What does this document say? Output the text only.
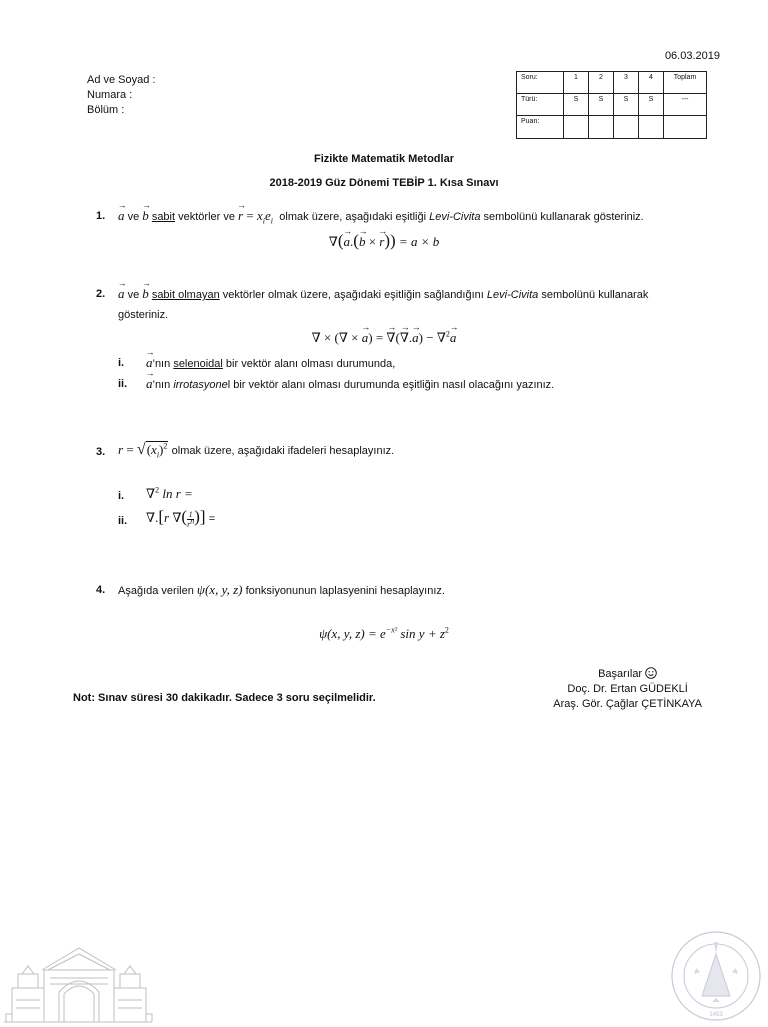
06.03.2019
Ad ve Soyad :
Numara :
Bölüm :
Soru:	1	2	3	4	Toplam
Türü:	S	S	S	S	---
Puan:					
Fizikte Matematik Metodlar
2018-2019 Güz Dönemi TEBİP 1. Kısa Sınavı
1. → a ve → b sabit vektörler ve → $r = x_ie_i$ olmak üzere, aşağıdaki eşitliği Levi-Civita sembolünü kullanarak gösteriniz.
∇(→ a.(→ b × → r)) = a × b
2. → a ve → b sabit olmayan vektörler olmak üzere, aşağıdaki eşitliğin sağlandığını Levi-Civita sembolünü kullanarak
gösteriniz.
∇ × (∇ × → a) = → ∇(→ ∇.→ a) − ∇$^2$→ a
i. → a’nın selenoidal bir vektör alanı olması durumunda,
ii. → a’nın irrotasyonel bir vektör alanı olması durumunda eşitliğin nasıl olacağını yazınız.
3. $r = √(x_i)^2$ olmak üzere, aşağıdaki ifadeleri hesaplayınız.
i. ∇$^2$ ln r =
ii. ∇.[r ∇( 1
$r^n$)] =
4. Aşağıda verilen ψ(x, y, z) fonksiyonunun laplasyenini hesaplayınız.
ψ(x, y, $z) = e^{-x^2}$ $\sin y + z^2$
Not: Sınav süresi 30 dakikadır. Sadece 3 soru seçilmelidir.
Başarılar
Doç. Dr. Ertan GÜDEKLİ
Araş. Gör. Çağlar ÇETİNKAYA
1453
